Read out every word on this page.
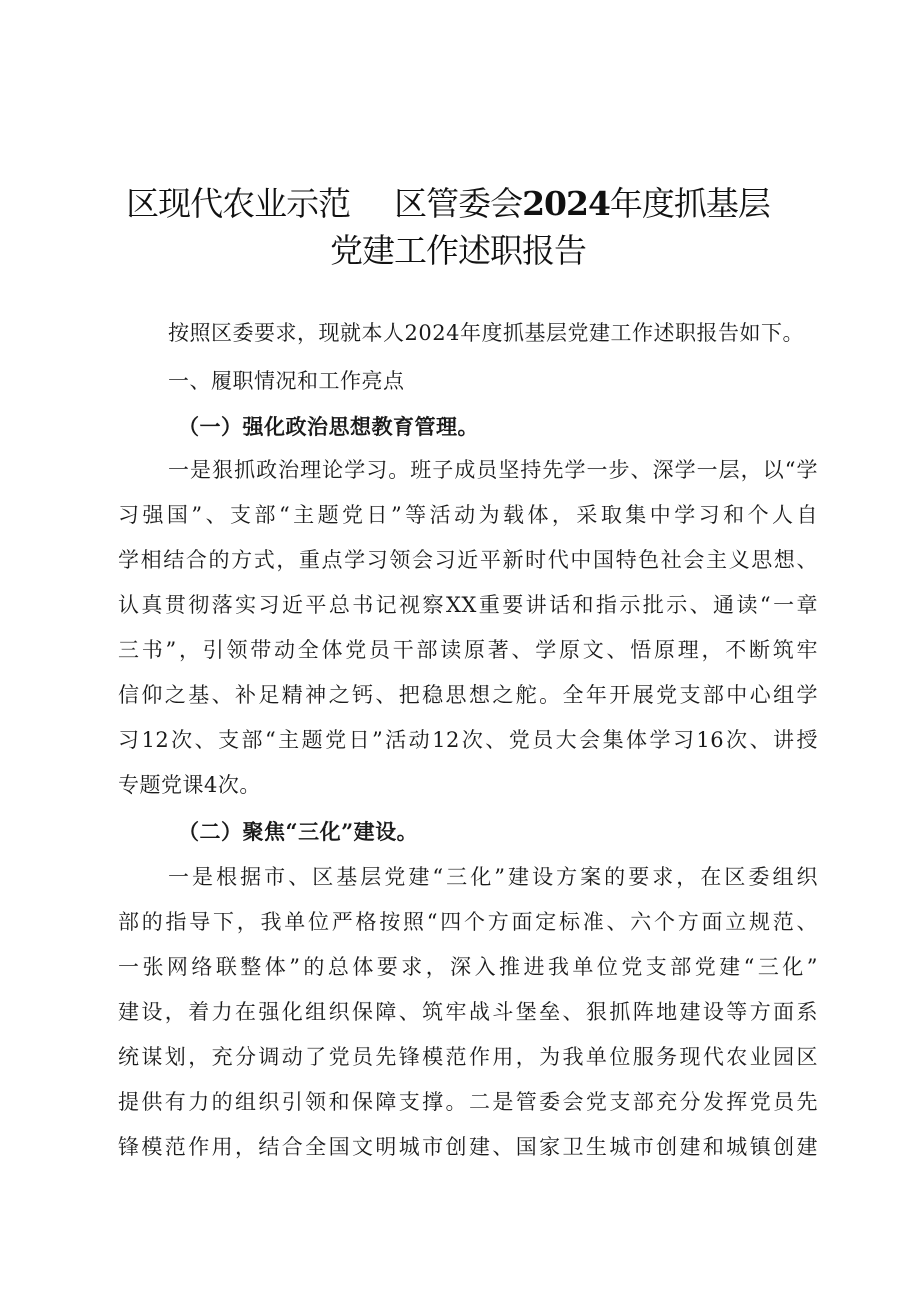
区现代农业示范 区管委会2024年度抓基层
党建工作述职报告
按照区委要求，现就本人2024年度抓基层党建工作述职报告如下。
一、履职情况和工作亮点
（一）强化政治思想教育管理。
一是狠抓政治理论学习。班子成员坚持先学一步、深学一层，以“学
习强国”、支部“主题党日”等活动为载体，采取集中学习和个人自
学相结合的方式，重点学习领会习近平新时代中国特色社会主义思想、
认真贯彻落实习近平总书记视察XX重要讲话和指示批示、通读“一章
三书”，引领带动全体党员干部读原著、学原文、悟原理，不断筑牢
信仰之基、补足精神之钙、把稳思想之舵。全年开展党支部中心组学
习12次、支部“主题党日”活动12次、党员大会集体学习16次、讲授
专题党课4次。
（二）聚焦“三化”建设。
一是根据市、区基层党建“三化”建设方案的要求，在区委组织
部的指导下，我单位严格按照“四个方面定标准、六个方面立规范、
一张网络联整体”的总体要求，深入推进我单位党支部党建“三化”
建设，着力在强化组织保障、筑牢战斗堡垒、狠抓阵地建设等方面系
统谋划，充分调动了党员先锋模范作用，为我单位服务现代农业园区
提供有力的组织引领和保障支撑。二是管委会党支部充分发挥党员先
锋模范作用，结合全国文明城市创建、国家卫生城市创建和城镇创建
